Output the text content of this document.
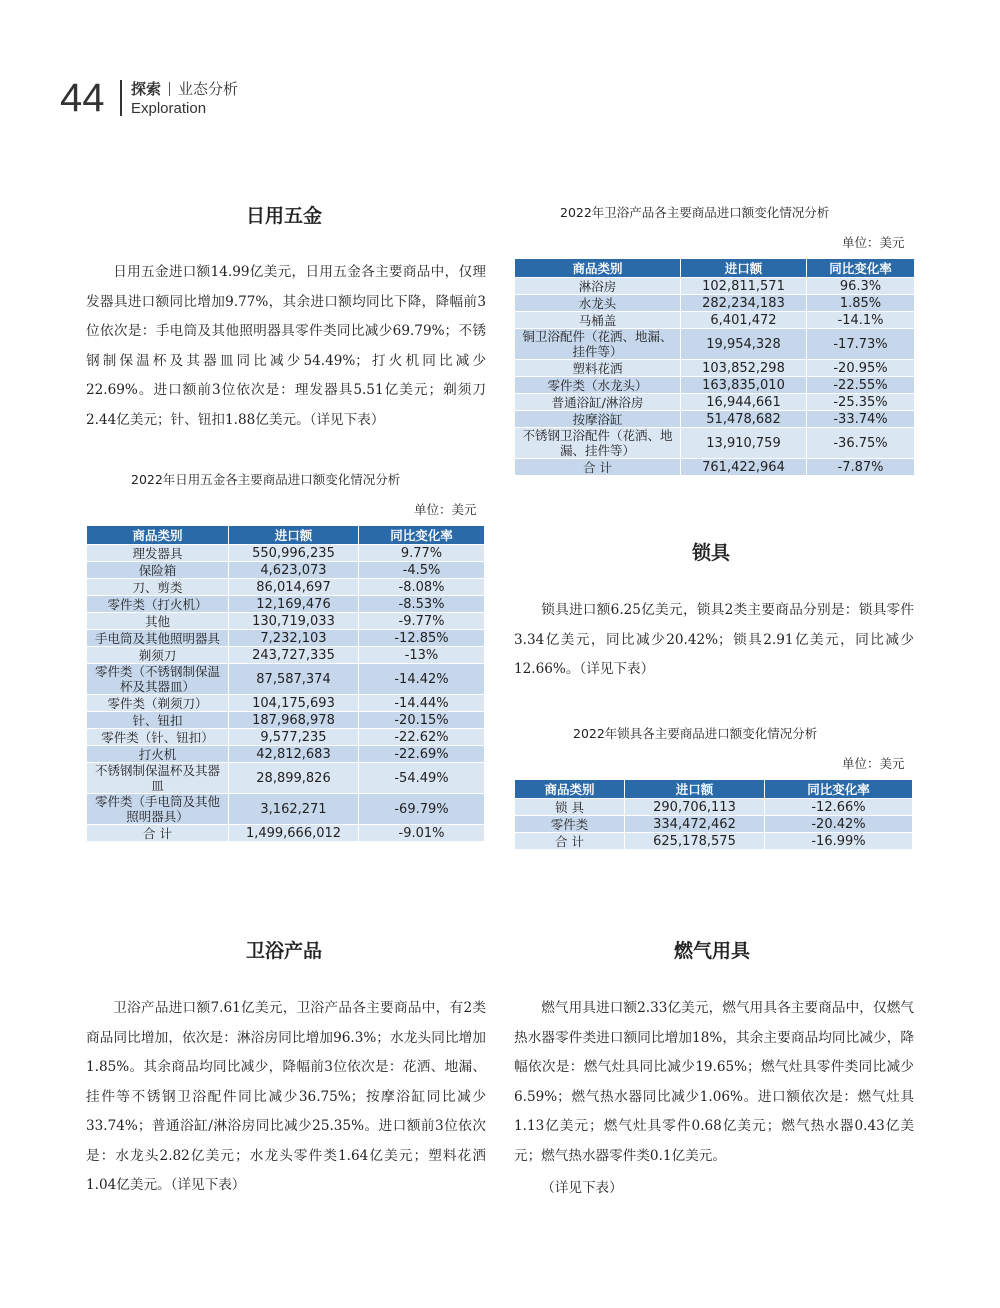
44 探索 业态分析
Exploration
日用五金
日用五金进口额14.99亿美元，日用五金各主要商品中，仅理发器具进口额同比增加9.77%，其余进口额均同比下降，降幅前3位依次是：手电筒及其他照明器具零件类同比减少69.79%；不锈钢制保温杯及其器皿同比减少54.49%；打火机同比减少22.69%。进口额前3位依次是：理发器具5.51亿美元；剃须刀2.44亿美元；针、钮扣1.88亿美元。（详见下表）
2022年日用五金各主要商品进口额变化情况分析
单位：美元
商品类别	进口额	同比变化率
理发器具	550,996,235	9.77%
保险箱	4,623,073	-4.5%
刀、剪类	86,014,697	-8.08%
零件类（打火机）	12,169,476	-8.53%
其他	130,719,033	-9.77%
手电筒及其他照明器具	7,232,103	-12.85%
剃须刀	243,727,335	-13%
零件类（不锈钢制保温杯及其器皿）	87,587,374	-14.42%
零件类（剃须刀）	104,175,693	-14.44%
针、钮扣	187,968,978	-20.15%
零件类（针、钮扣）	9,577,235	-22.62%
打火机	42,812,683	-22.69%
不锈钢制保温杯及其器皿	28,899,826	-54.49%
零件类（手电筒及其他照明器具）	3,162,271	-69.79%
合 计	1,499,666,012	-9.01%
卫浴产品
卫浴产品进口额7.61亿美元，卫浴产品各主要商品中，有2类商品同比增加，依次是：淋浴房同比增加96.3%；水龙头同比增加1.85%。其余商品均同比减少，降幅前3位依次是：花洒、地漏、挂件等不锈钢卫浴配件同比减少36.75%；按摩浴缸同比减少33.74%；普通浴缸/淋浴房同比减少25.35%。进口额前3位依次是：水龙头2.82亿美元；水龙头零件类1.64亿美元；塑料花洒1.04亿美元。（详见下表）
2022年卫浴产品各主要商品进口额变化情况分析
单位：美元
商品类别	进口额	同比变化率
淋浴房	102,811,571	96.3%
水龙头	282,234,183	1.85%
马桶盖	6,401,472	-14.1%
铜卫浴配件（花洒、地漏、挂件等）	19,954,328	-17.73%
塑料花洒	103,852,298	-20.95%
零件类（水龙头）	163,835,010	-22.55%
普通浴缸/淋浴房	16,944,661	-25.35%
按摩浴缸	51,478,682	-33.74%
不锈钢卫浴配件（花洒、地漏、挂件等）	13,910,759	-36.75%
合 计	761,422,964	-7.87%
锁具
锁具进口额6.25亿美元，锁具2类主要商品分别是：锁具零件3.34亿美元，同比减少20.42%；锁具2.91亿美元，同比减少12.66%。（详见下表）
2022年锁具各主要商品进口额变化情况分析
单位：美元
商品类别	进口额	同比变化率
锁 具	290,706,113	-12.66%
零件类	334,472,462	-20.42%
合 计	625,178,575	-16.99%
燃气用具
燃气用具进口额2.33亿美元，燃气用具各主要商品中，仅燃气热水器零件类进口额同比增加18%，其余主要商品均同比减少，降幅依次是：燃气灶具同比减少19.65%；燃气灶具零件类同比减少6.59%；燃气热水器同比减少1.06%。进口额依次是：燃气灶具1.13亿美元；燃气灶具零件0.68亿美元；燃气热水器0.43亿美元；燃气热水器零件类0.1亿美元。
（详见下表）
